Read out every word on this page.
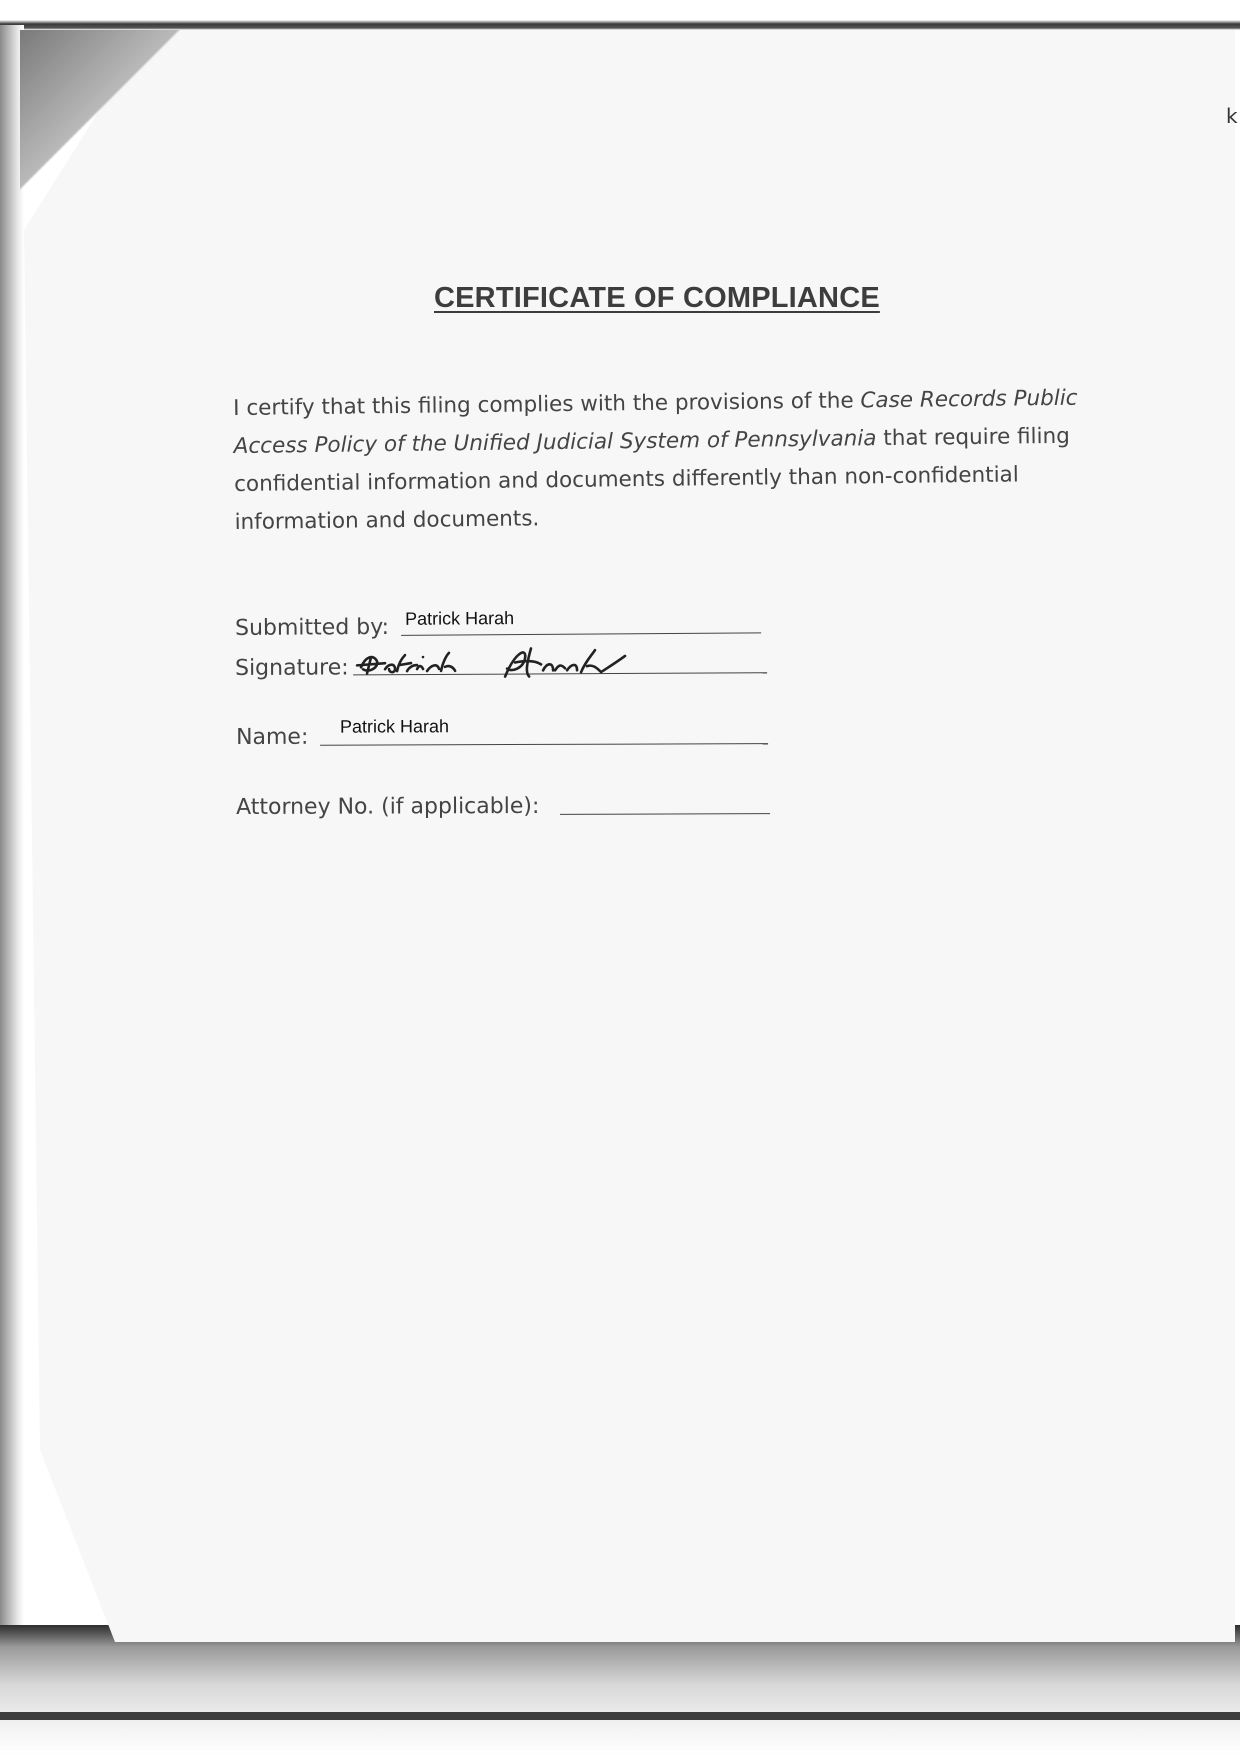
k
CERTIFICATE OF COMPLIANCE

I certify that this filing complies with the provisions of the Case Records Public Access Policy of the Unified Judicial System of Pennsylvania that require filing confidential information and documents differently than non-confidential information and documents.

Submitted by: Patrick Harah
Signature:
Name: Patrick Harah
Attorney No. (if applicable):
